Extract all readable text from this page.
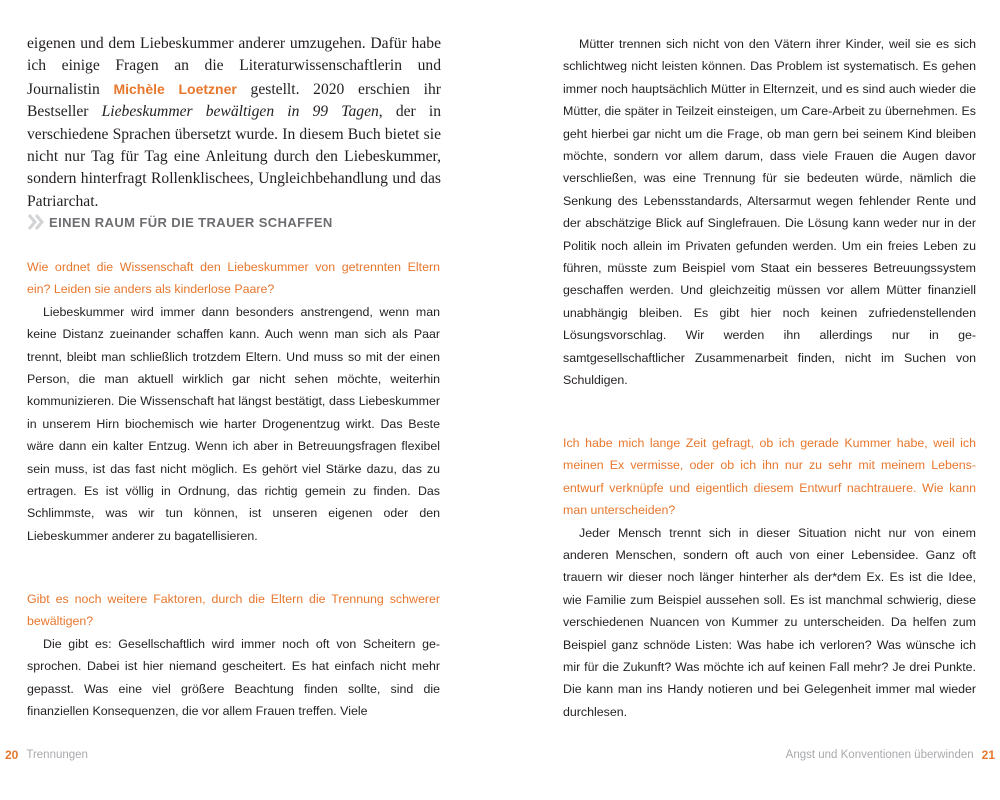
eigenen und dem Liebeskummer anderer umzugehen. Dafür habe ich einige Fragen an die Literaturwissenschaftlerin und Journalistin Michèle Loetzner gestellt. 2020 erschien ihr Bestseller Liebeskummer bewältigen in 99 Tagen, der in verschiedene Sprachen übersetzt wurde. In diesem Buch bietet sie nicht nur Tag für Tag eine Anleitung durch den Liebeskummer, sondern hinterfragt Rollenklischees, Ungleichbehandlung und das Patriarchat.

EINEN RAUM FÜR DIE TRAUER SCHAFFEN

Wie ordnet die Wissenschaft den Liebeskummer von getrennten Eltern ein? Leiden sie anders als kinderlose Paare?

Liebeskummer wird immer dann besonders anstrengend, wenn man keine Distanz zueinander schaffen kann. Auch wenn man sich als Paar trennt, bleibt man schließlich trotzdem Eltern. Und muss so mit der einen Person, die man aktuell wirklich gar nicht sehen möchte, weiterhin kommunizieren. Die Wissenschaft hat längst bestätigt, dass Liebeskummer in unserem Hirn biochemisch wie harter Drogenentzug wirkt. Das Beste wäre dann ein kalter Entzug. Wenn ich aber in Betreuungsfragen flexibel sein muss, ist das fast nicht möglich. Es gehört viel Stärke dazu, das zu ertragen. Es ist völlig in Ordnung, das richtig gemein zu finden. Das Schlimmste, was wir tun können, ist unseren eigenen oder den Liebeskummer anderer zu bagatellisieren.

Gibt es noch weitere Faktoren, durch die Eltern die Trennung schwerer bewältigen?

Die gibt es: Gesellschaftlich wird immer noch oft von Scheitern gesprochen. Dabei ist hier niemand gescheitert. Es hat einfach nicht mehr gepasst. Was eine viel größere Beachtung finden sollte, sind die finanziellen Konsequenzen, die vor allem Frauen treffen. Viele

20 Trennungen

Mütter trennen sich nicht von den Vätern ihrer Kinder, weil sie es sich schlichtweg nicht leisten können. Das Problem ist systematisch. Es gehen immer noch hauptsächlich Mütter in Elternzeit, und es sind auch wieder die Mütter, die später in Teilzeit einsteigen, um Care-Arbeit zu übernehmen. Es geht hierbei gar nicht um die Frage, ob man gern bei seinem Kind bleiben möchte, sondern vor allem darum, dass viele Frauen die Augen davor verschließen, was eine Trennung für sie bedeuten würde, nämlich die Senkung des Lebensstandards, Altersarmut wegen fehlender Rente und der abschätzige Blick auf Singlefrauen. Die Lösung kann weder nur in der Politik noch allein im Privaten gefunden werden. Um ein freies Leben zu führen, müsste zum Beispiel vom Staat ein besseres Betreuungssystem geschaffen werden. Und gleichzeitig müssen vor allem Mütter finanziell unabhängig bleiben. Es gibt hier noch keinen zufriedenstellenden Lösungsvorschlag. Wir werden ihn allerdings nur in gesamtgesellschaftlicher Zusammenarbeit finden, nicht im Suchen von Schuldigen.

Ich habe mich lange Zeit gefragt, ob ich gerade Kummer habe, weil ich meinen Ex vermisse, oder ob ich ihn nur zu sehr mit meinem Lebensentwurf verknüpfe und eigentlich diesem Entwurf nachtrauere. Wie kann man unterscheiden?

Jeder Mensch trennt sich in dieser Situation nicht nur von einem anderen Menschen, sondern oft auch von einer Lebensidee. Ganz oft trauern wir dieser noch länger hinterher als der*dem Ex. Es ist die Idee, wie Familie zum Beispiel aussehen soll. Es ist manchmal schwierig, diese verschiedenen Nuancen von Kummer zu unterscheiden. Da helfen zum Beispiel ganz schnöde Listen: Was habe ich verloren? Was wünsche ich mir für die Zukunft? Was möchte ich auf keinen Fall mehr? Je drei Punkte. Die kann man ins Handy notieren und bei Gelegenheit immer mal wieder durchlesen.

Angst und Konventionen überwinden 21
